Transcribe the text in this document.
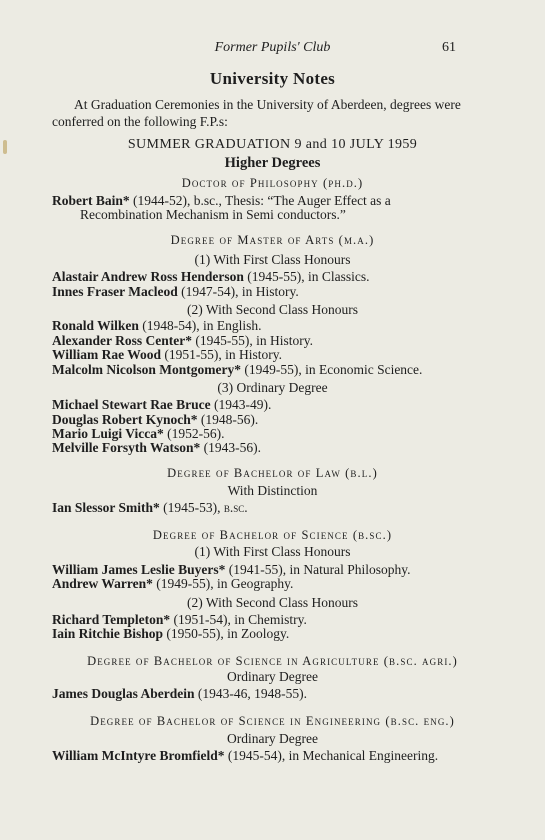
Former Pupils' Club	61
University Notes
At Graduation Ceremonies in the University of Aberdeen, degrees were conferred on the following F.P.s:
SUMMER GRADUATION 9 and 10 JULY 1959
Higher Degrees
Doctor of Philosophy (ph.d.)
Robert Bain* (1944-52), b.sc., Thesis: “The Auger Effect as a
Recombination Mechanism in Semi conductors.”
Degree of Master of Arts (m.a.)
(1) With First Class Honours
Alastair Andrew Ross Henderson (1945-55), in Classics.
Innes Fraser Macleod (1947-54), in History.
(2) With Second Class Honours
Ronald Wilken (1948-54), in English.
Alexander Ross Center* (1945-55), in History.
William Rae Wood (1951-55), in History.
Malcolm Nicolson Montgomery* (1949-55), in Economic Science.
(3) Ordinary Degree
Michael Stewart Rae Bruce (1943-49).
Douglas Robert Kynoch* (1948-56).
Mario Luigi Vicca* (1952-56).
Melville Forsyth Watson* (1943-56).
Degree of Bachelor of Law (b.l.)
With Distinction
Ian Slessor Smith* (1945-53), b.sc.
Degree of Bachelor of Science (b.sc.)
(1) With First Class Honours
William James Leslie Buyers* (1941-55), in Natural Philosophy.
Andrew Warren* (1949-55), in Geography.
(2) With Second Class Honours
Richard Templeton* (1951-54), in Chemistry.
Iain Ritchie Bishop (1950-55), in Zoology.
Degree of Bachelor of Science in Agriculture (b.sc. agri.)
Ordinary Degree
James Douglas Aberdein (1943-46, 1948-55).
Degree of Bachelor of Science in Engineering (b.sc. eng.)
Ordinary Degree
William McIntyre Bromfield* (1945-54), in Mechanical Engineering.
